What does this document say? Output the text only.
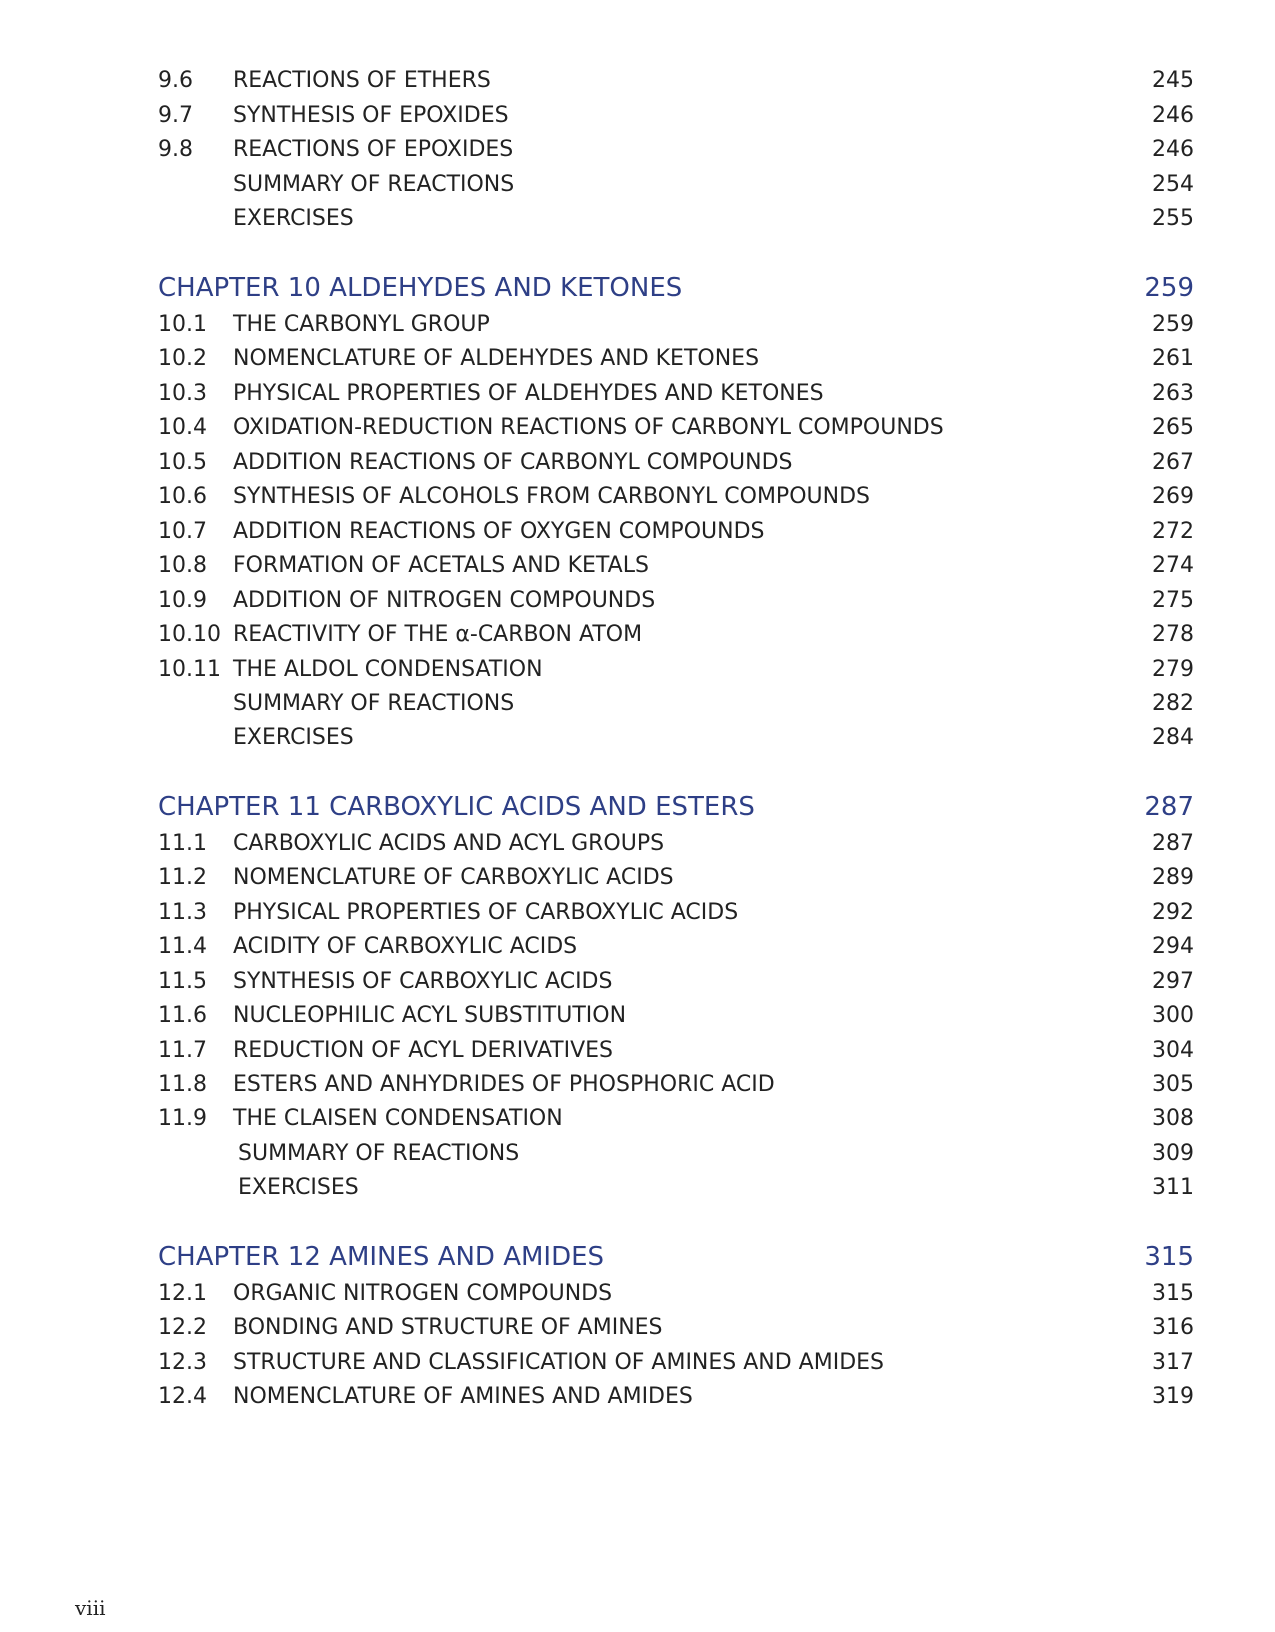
9.6 REACTIONS OF ETHERS	245
9.7 SYNTHESIS OF EPOXIDES	246
9.8 REACTIONS OF EPOXIDES	246
SUMMARY OF REACTIONS	254
EXERCISES	255
CHAPTER 10 ALDEHYDES AND KETONES	259
10.1 THE CARBONYL GROUP	259
10.2 NOMENCLATURE OF ALDEHYDES AND KETONES	261
10.3 PHYSICAL PROPERTIES OF ALDEHYDES AND KETONES	263
10.4 OXIDATION-REDUCTION REACTIONS OF CARBONYL COMPOUNDS	265
10.5 ADDITION REACTIONS OF CARBONYL COMPOUNDS	267
10.6 SYNTHESIS OF ALCOHOLS FROM CARBONYL COMPOUNDS	269
10.7 ADDITION REACTIONS OF OXYGEN COMPOUNDS	272
10.8 FORMATION OF ACETALS AND KETALS	274
10.9 ADDITION OF NITROGEN COMPOUNDS	275
10.10 REACTIVITY OF THE α-CARBON ATOM	278
10.11 THE ALDOL CONDENSATION	279
SUMMARY OF REACTIONS	282
EXERCISES	284
CHAPTER 11 CARBOXYLIC ACIDS AND ESTERS	287
11.1 CARBOXYLIC ACIDS AND ACYL GROUPS	287
11.2 NOMENCLATURE OF CARBOXYLIC ACIDS	289
11.3 PHYSICAL PROPERTIES OF CARBOXYLIC ACIDS	292
11.4 ACIDITY OF CARBOXYLIC ACIDS	294
11.5 SYNTHESIS OF CARBOXYLIC ACIDS	297
11.6 NUCLEOPHILIC ACYL SUBSTITUTION	300
11.7 REDUCTION OF ACYL DERIVATIVES	304
11.8 ESTERS AND ANHYDRIDES OF PHOSPHORIC ACID	305
11.9 THE CLAISEN CONDENSATION	308
SUMMARY OF REACTIONS	309
EXERCISES	311
CHAPTER 12 AMINES AND AMIDES	315
12.1 ORGANIC NITROGEN COMPOUNDS	315
12.2 BONDING AND STRUCTURE OF AMINES	316
12.3 STRUCTURE AND CLASSIFICATION OF AMINES AND AMIDES	317
12.4 NOMENCLATURE OF AMINES AND AMIDES	319
viii
